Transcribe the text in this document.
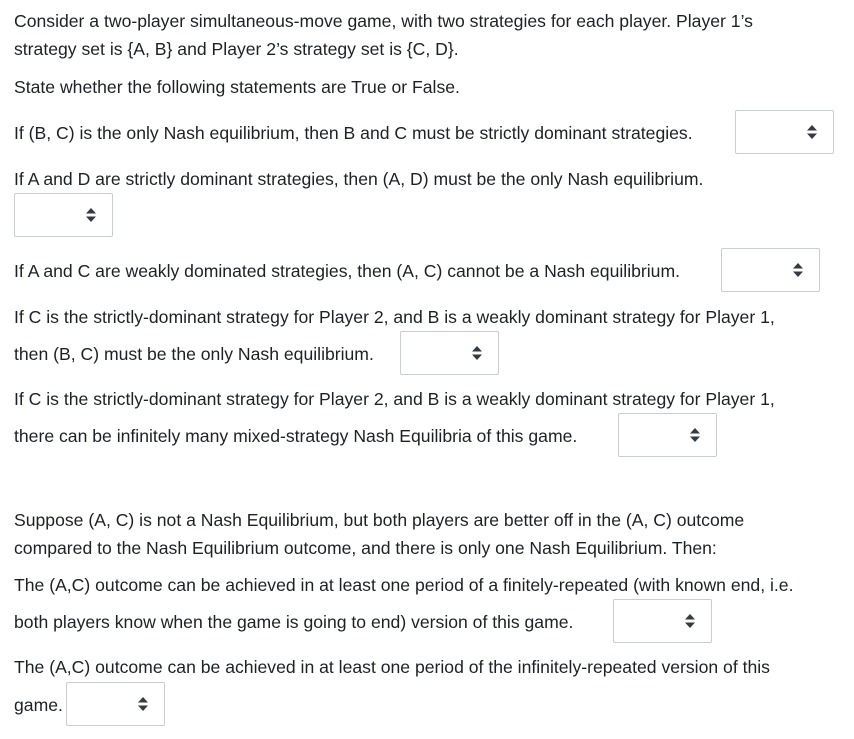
Consider a two-player simultaneous-move game, with two strategies for each player. Player 1’s
strategy set is {A, B} and Player 2’s strategy set is {C, D}.
State whether the following statements are True or False.
If (B, C) is the only Nash equilibrium, then B and C must be strictly dominant strategies.
If A and D are strictly dominant strategies, then (A, D) must be the only Nash equilibrium.
If A and C are weakly dominated strategies, then (A, C) cannot be a Nash equilibrium.
If C is the strictly-dominant strategy for Player 2, and B is a weakly dominant strategy for Player 1,
then (B, C) must be the only Nash equilibrium.
If C is the strictly-dominant strategy for Player 2, and B is a weakly dominant strategy for Player 1,
there can be infinitely many mixed-strategy Nash Equilibria of this game.
Suppose (A, C) is not a Nash Equilibrium, but both players are better off in the (A, C) outcome
compared to the Nash Equilibrium outcome, and there is only one Nash Equilibrium. Then:
The (A,C) outcome can be achieved in at least one period of a finitely-repeated (with known end, i.e.
both players know when the game is going to end) version of this game.
The (A,C) outcome can be achieved in at least one period of the infinitely-repeated version of this
game.
